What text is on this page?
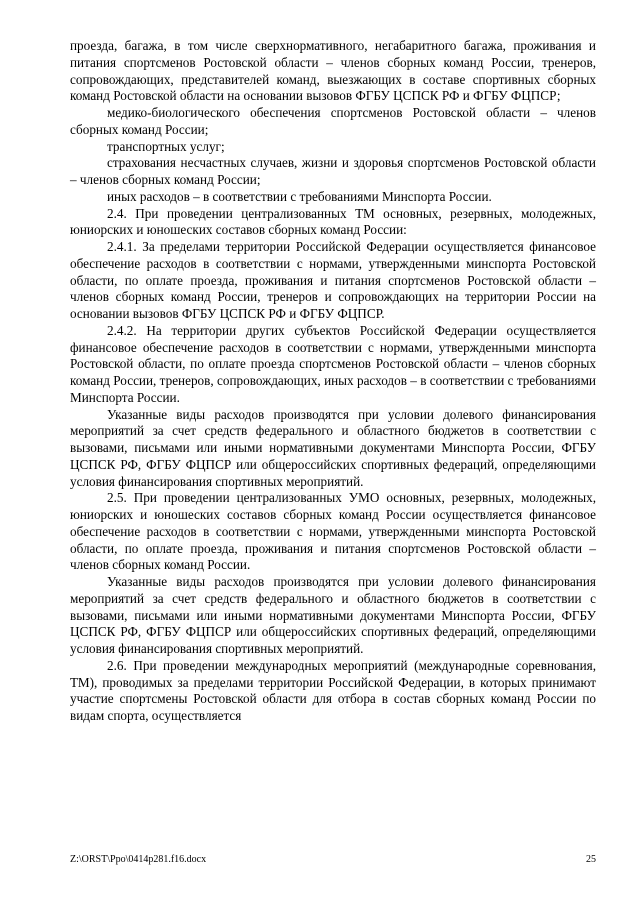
проезда, багажа, в том числе сверхнормативного, негабаритного багажа, проживания и питания спортсменов Ростовской области – членов сборных команд России, тренеров, сопровождающих, представителей команд, выезжающих в составе спортивных сборных команд Ростовской области на основании вызовов ФГБУ ЦСПСК РФ и ФГБУ ФЦПСР;

медико-биологического обеспечения спортсменов Ростовской области – членов сборных команд России;

транспортных услуг;

страхования несчастных случаев, жизни и здоровья спортсменов Ростовской области – членов сборных команд России;

иных расходов – в соответствии с требованиями Минспорта России.

2.4. При проведении централизованных ТМ основных, резервных, молодежных, юниорских и юношеских составов сборных команд России:

2.4.1. За пределами территории Российской Федерации осуществляется финансовое обеспечение расходов в соответствии с нормами, утвержденными минспорта Ростовской области, по оплате проезда, проживания и питания спортсменов Ростовской области – членов сборных команд России, тренеров и сопровождающих на территории России на основании вызовов ФГБУ ЦСПСК РФ и ФГБУ ФЦПСР.

2.4.2. На территории других субъектов Российской Федерации осуществляется финансовое обеспечение расходов в соответствии с нормами, утвержденными минспорта Ростовской области, по оплате проезда спортсменов Ростовской области – членов сборных команд России, тренеров, сопровождающих, иных расходов – в соответствии с требованиями Минспорта России.

Указанные виды расходов производятся при условии долевого финансирования мероприятий за счет средств федерального и областного бюджетов в соответствии с вызовами, письмами или иными нормативными документами Минспорта России, ФГБУ ЦСПСК РФ, ФГБУ ФЦПСР или общероссийских спортивных федераций, определяющими условия финансирования спортивных мероприятий.

2.5. При проведении централизованных УМО основных, резервных, молодежных, юниорских и юношеских составов сборных команд России осуществляется финансовое обеспечение расходов в соответствии с нормами, утвержденными минспорта Ростовской области, по оплате проезда, проживания и питания спортсменов Ростовской области – членов сборных команд России.

Указанные виды расходов производятся при условии долевого финансирования мероприятий за счет средств федерального и областного бюджетов в соответствии с вызовами, письмами или иными нормативными документами Минспорта России, ФГБУ ЦСПСК РФ, ФГБУ ФЦПСР или общероссийских спортивных федераций, определяющими условия финансирования спортивных мероприятий.

2.6. При проведении международных мероприятий (международные соревнования, ТМ), проводимых за пределами территории Российской Федерации, в которых принимают участие спортсмены Ростовской области для отбора в состав сборных команд России по видам спорта, осуществляется

Z:\ORST\Ppo\0414p281.f16.docx	25
